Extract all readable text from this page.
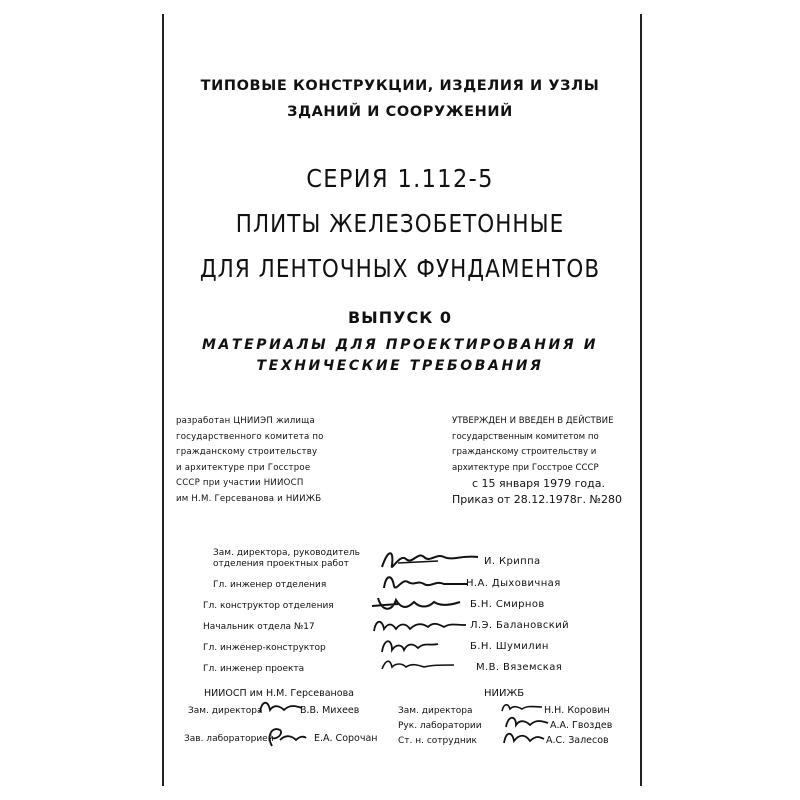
ТИПОВЫЕ КОНСТРУКЦИИ, ИЗДЕЛИЯ И УЗЛЫ
ЗДАНИЙ И СООРУЖЕНИЙ
СЕРИЯ 1.112-5
ПЛИТЫ ЖЕЛЕЗОБЕТОННЫЕ
ДЛЯ ЛЕНТОЧНЫХ ФУНДАМЕНТОВ
ВЫПУСК 0
МАТЕРИАЛЫ ДЛЯ ПРОЕКТИРОВАНИЯ И
ТЕХНИЧЕСКИЕ ТРЕБОВАНИЯ
разработан ЦНИИЭП жилища
государственного комитета по
гражданскому строительству
и архитектуре при Госстрое
СССР при участии НИИОСП
им Н.М. Герсеванова и НИИЖБ
УТВЕРЖДЕН И ВВЕДЕН В ДЕЙСТВИЕ
государственным комитетом по
гражданскому строительству и
архитектуре при Госстрое СССР
с 15 января 1979 года.
Приказ от 28.12.1978г. №280
Зам. директора, руководитель
отделения проектных работ	И. Криппа
Гл. инженер отделения	Н.А. Дыховичная
Гл. конструктор отделения	Б.Н. Смирнов
Начальник отдела №17	Л.Э. Балановский
Гл. инженер-конструктор	Б.Н. Шумилин
Гл. инженер проекта	М.В. Вяземская
НИИОСП им Н.М. Герсеванова
Зам. директора	В.В. Михеев
Зав. лабораторией	Е.А. Сорочан
НИИЖБ
Зам. директора	Н.Н. Коровин
Рук. лаборатории	А.А. Гвоздев
Ст. н. сотрудник	А.С. Залесов
